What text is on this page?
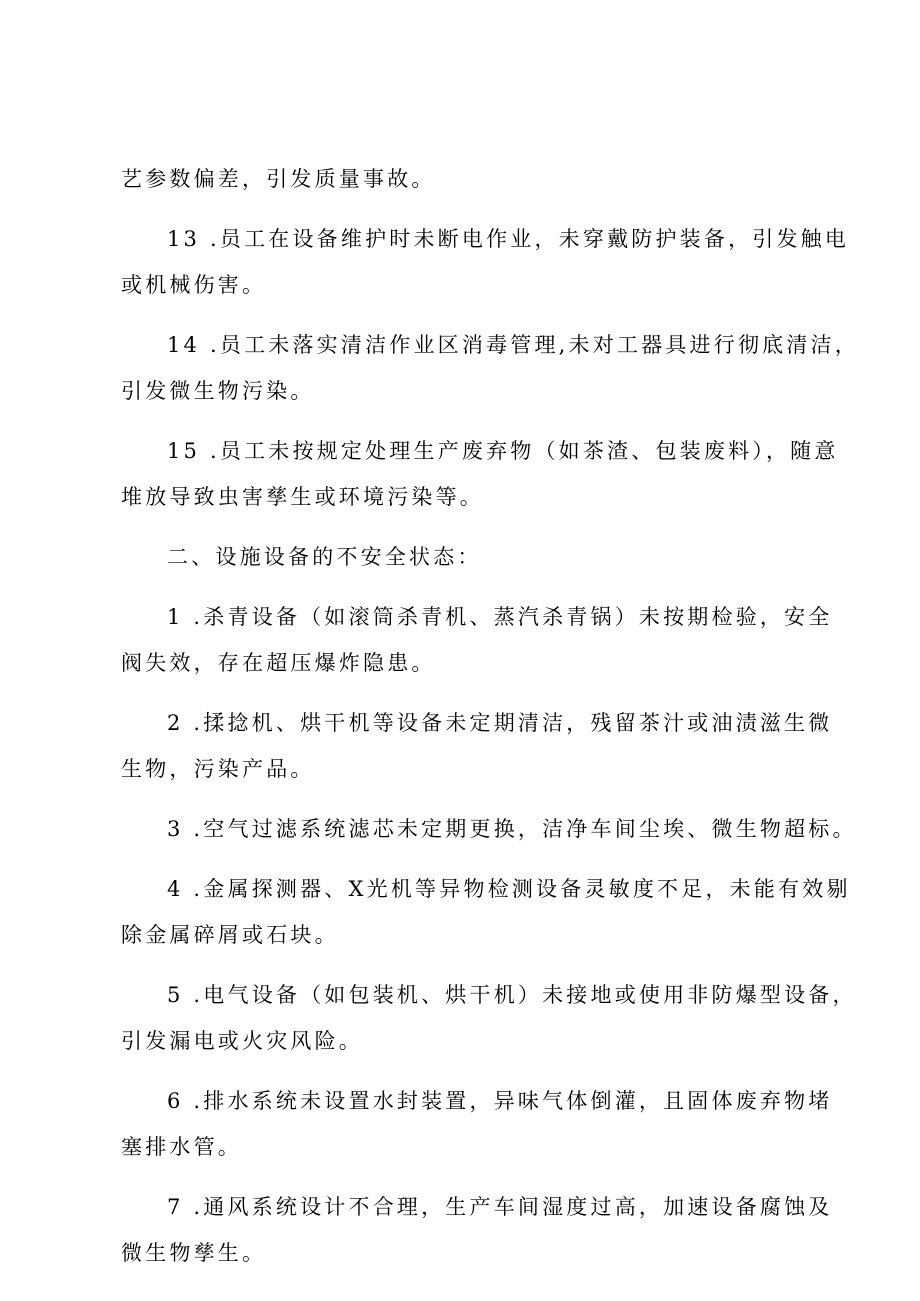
艺参数偏差，引发质量事故。

13 .员工在设备维护时未断电作业，未穿戴防护装备，引发触电
或机械伤害。

14 .员工未落实清洁作业区消毒管理,未对工器具进行彻底清洁，
引发微生物污染。

15 .员工未按规定处理生产废弃物（如茶渣、包装废料），随意
堆放导致虫害孳生或环境污染等。

二、设施设备的不安全状态：

1 .杀青设备（如滚筒杀青机、蒸汽杀青锅）未按期检验，安全
阀失效，存在超压爆炸隐患。

2 .揉捻机、烘干机等设备未定期清洁，残留茶汁或油渍滋生微
生物，污染产品。

3 .空气过滤系统滤芯未定期更换，洁净车间尘埃、微生物超标。

4 .金属探测器、X光机等异物检测设备灵敏度不足，未能有效剔
除金属碎屑或石块。

5 .电气设备（如包装机、烘干机）未接地或使用非防爆型设备，
引发漏电或火灾风险。

6 .排水系统未设置水封装置，异味气体倒灌，且固体废弃物堵
塞排水管。

7 .通风系统设计不合理，生产车间湿度过高，加速设备腐蚀及
微生物孳生。
